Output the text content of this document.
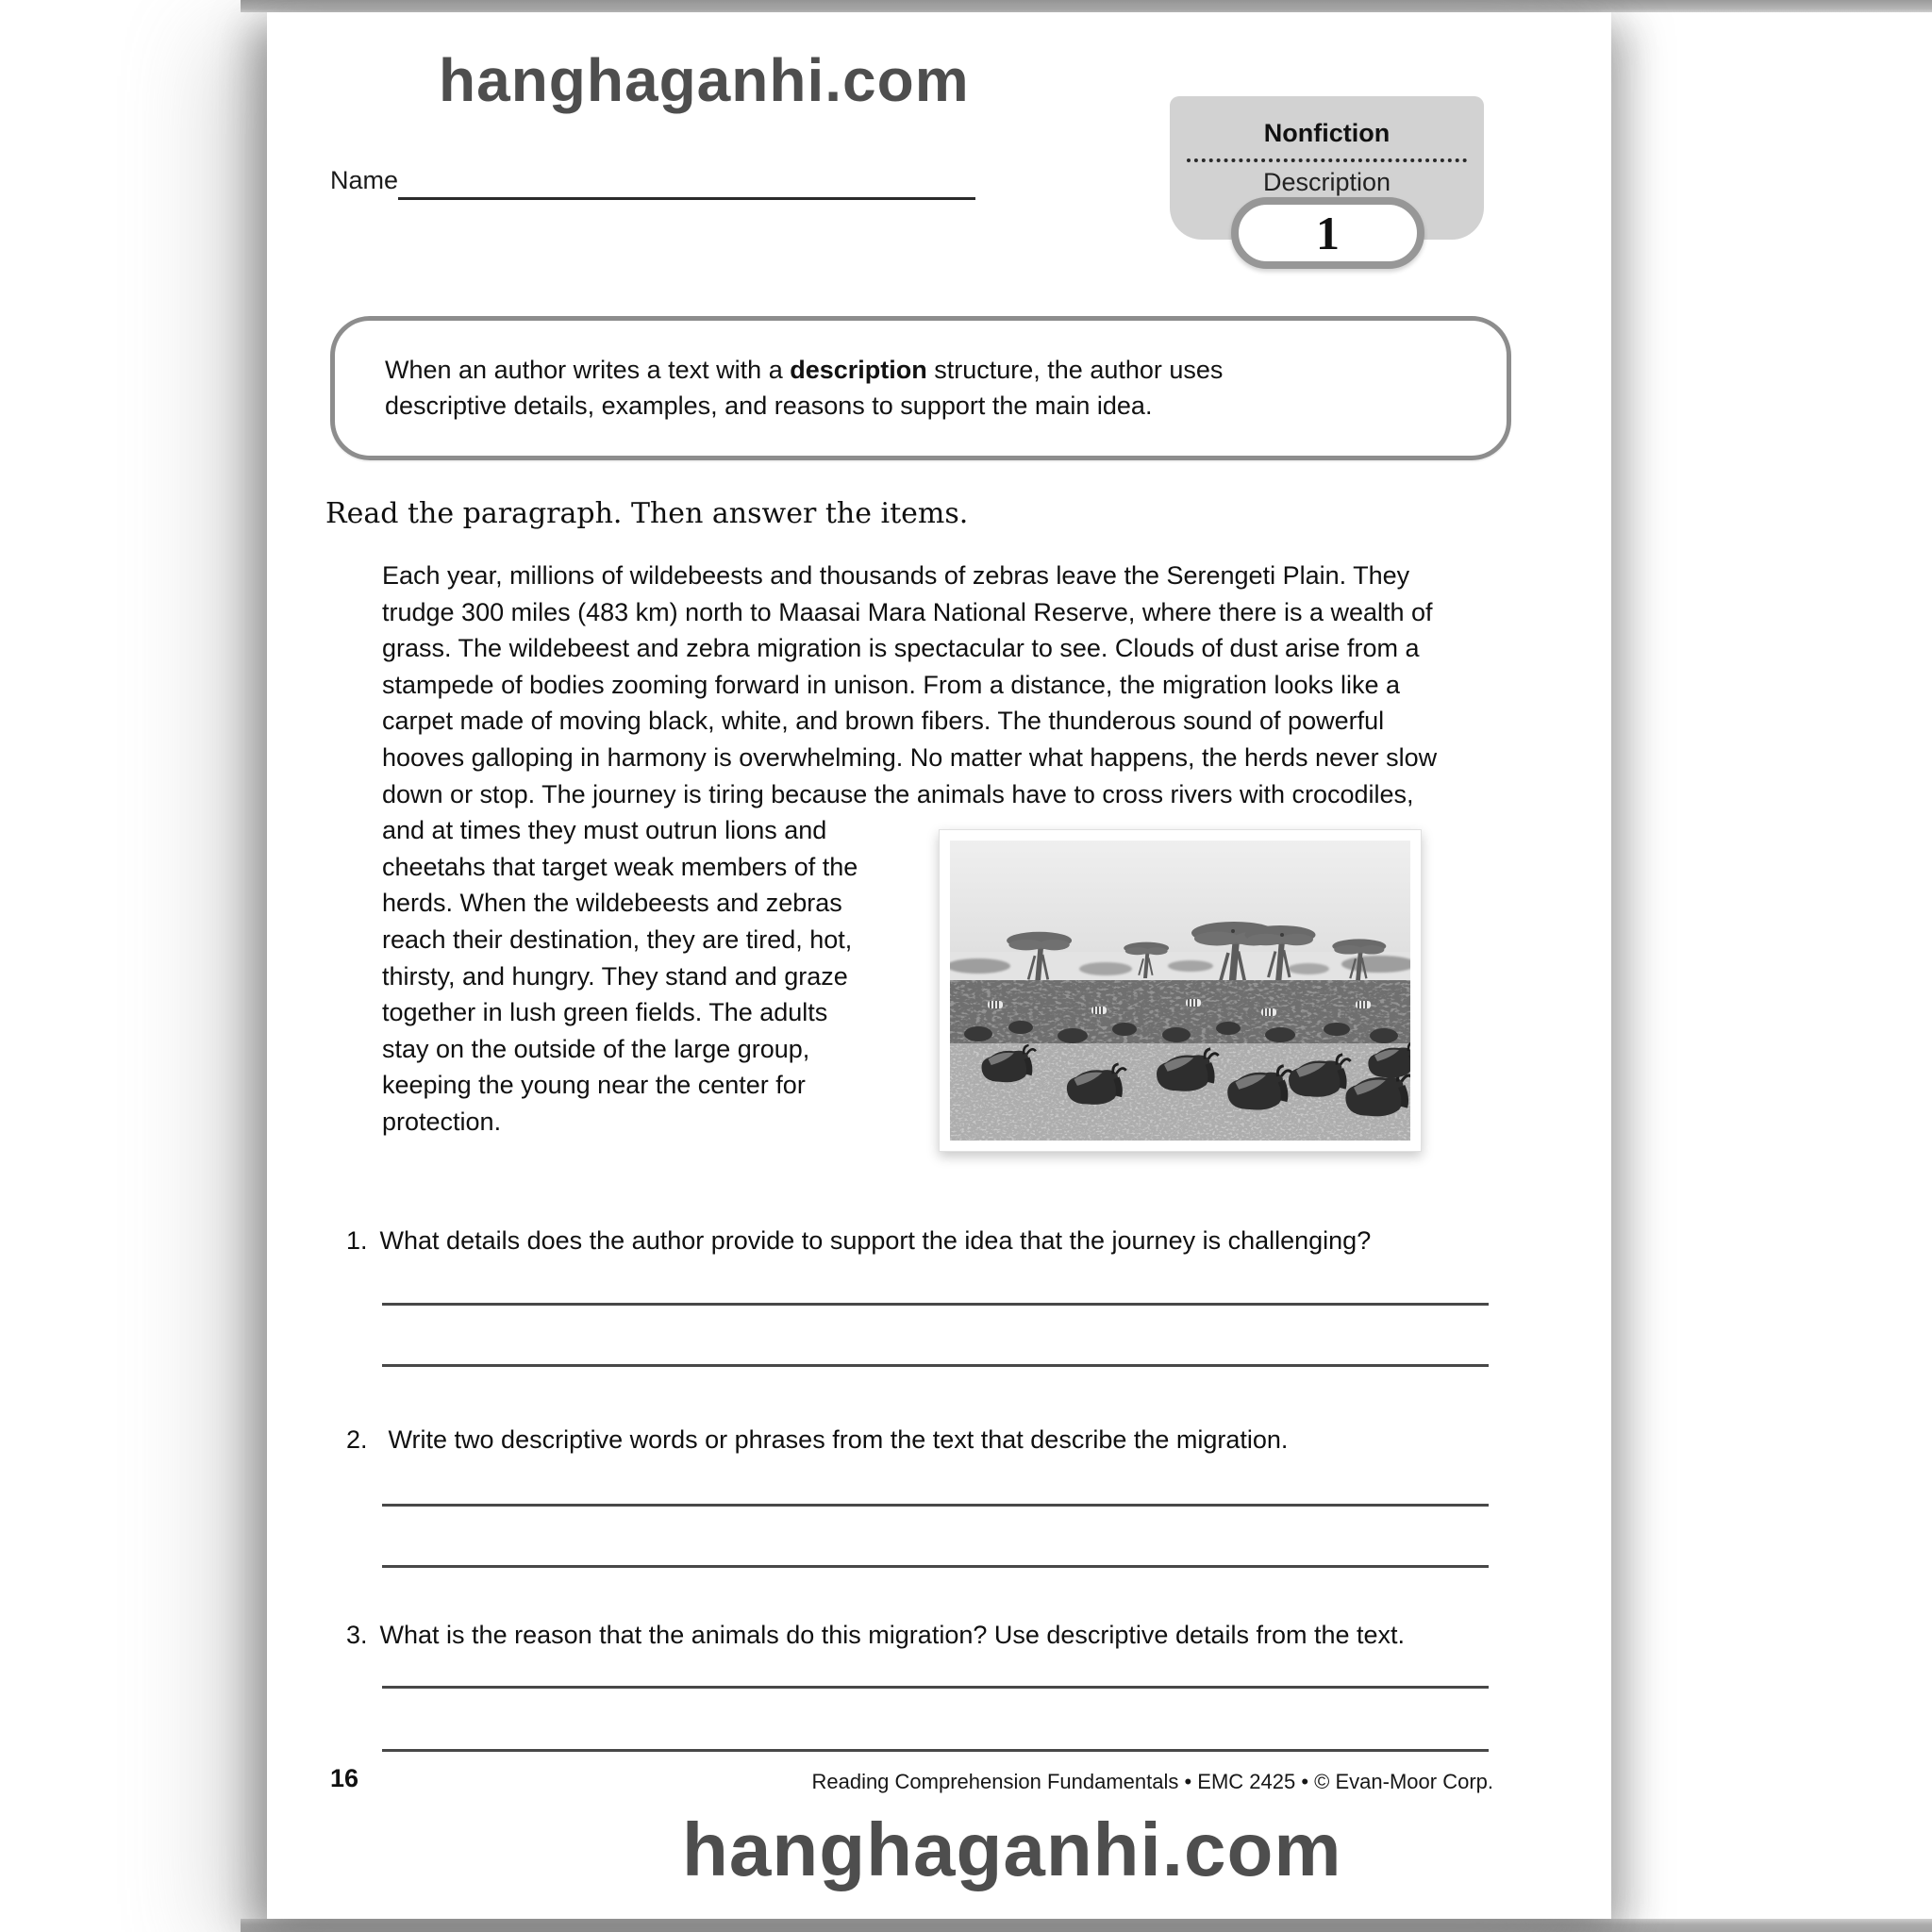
hanghaganhi.com
Name
Nonfiction
Description
1
When an author writes a text with a description structure, the author uses descriptive details, examples, and reasons to support the main idea.
Read the paragraph. Then answer the items.
Each year, millions of wildebeests and thousands of zebras leave the Serengeti Plain. They trudge 300 miles (483 km) north to Maasai Mara National Reserve, where there is a wealth of grass. The wildebeest and zebra migration is spectacular to see. Clouds of dust arise from a stampede of bodies zooming forward in unison. From a distance, the migration looks like a carpet made of moving black, white, and brown fibers. The thunderous sound of powerful hooves galloping in harmony is overwhelming. No matter what happens, the herds never slow down or stop. The journey is tiring because the animals have to cross rivers with crocodiles, and at times they must outrun lions and cheetahs that target weak members of the herds. When the wildebeests and zebras reach their destination, they are tired, hot, thirsty, and hungry. They stand and graze together in lush green fields. The adults stay on the outside of the large group, keeping the young near the center for protection.
1. What details does the author provide to support the idea that the journey is challenging?
2. Write two descriptive words or phrases from the text that describe the migration.
3. What is the reason that the animals do this migration? Use descriptive details from the text.
16	Reading Comprehension Fundamentals • EMC 2425 • © Evan-Moor Corp.
hanghaganhi.com
